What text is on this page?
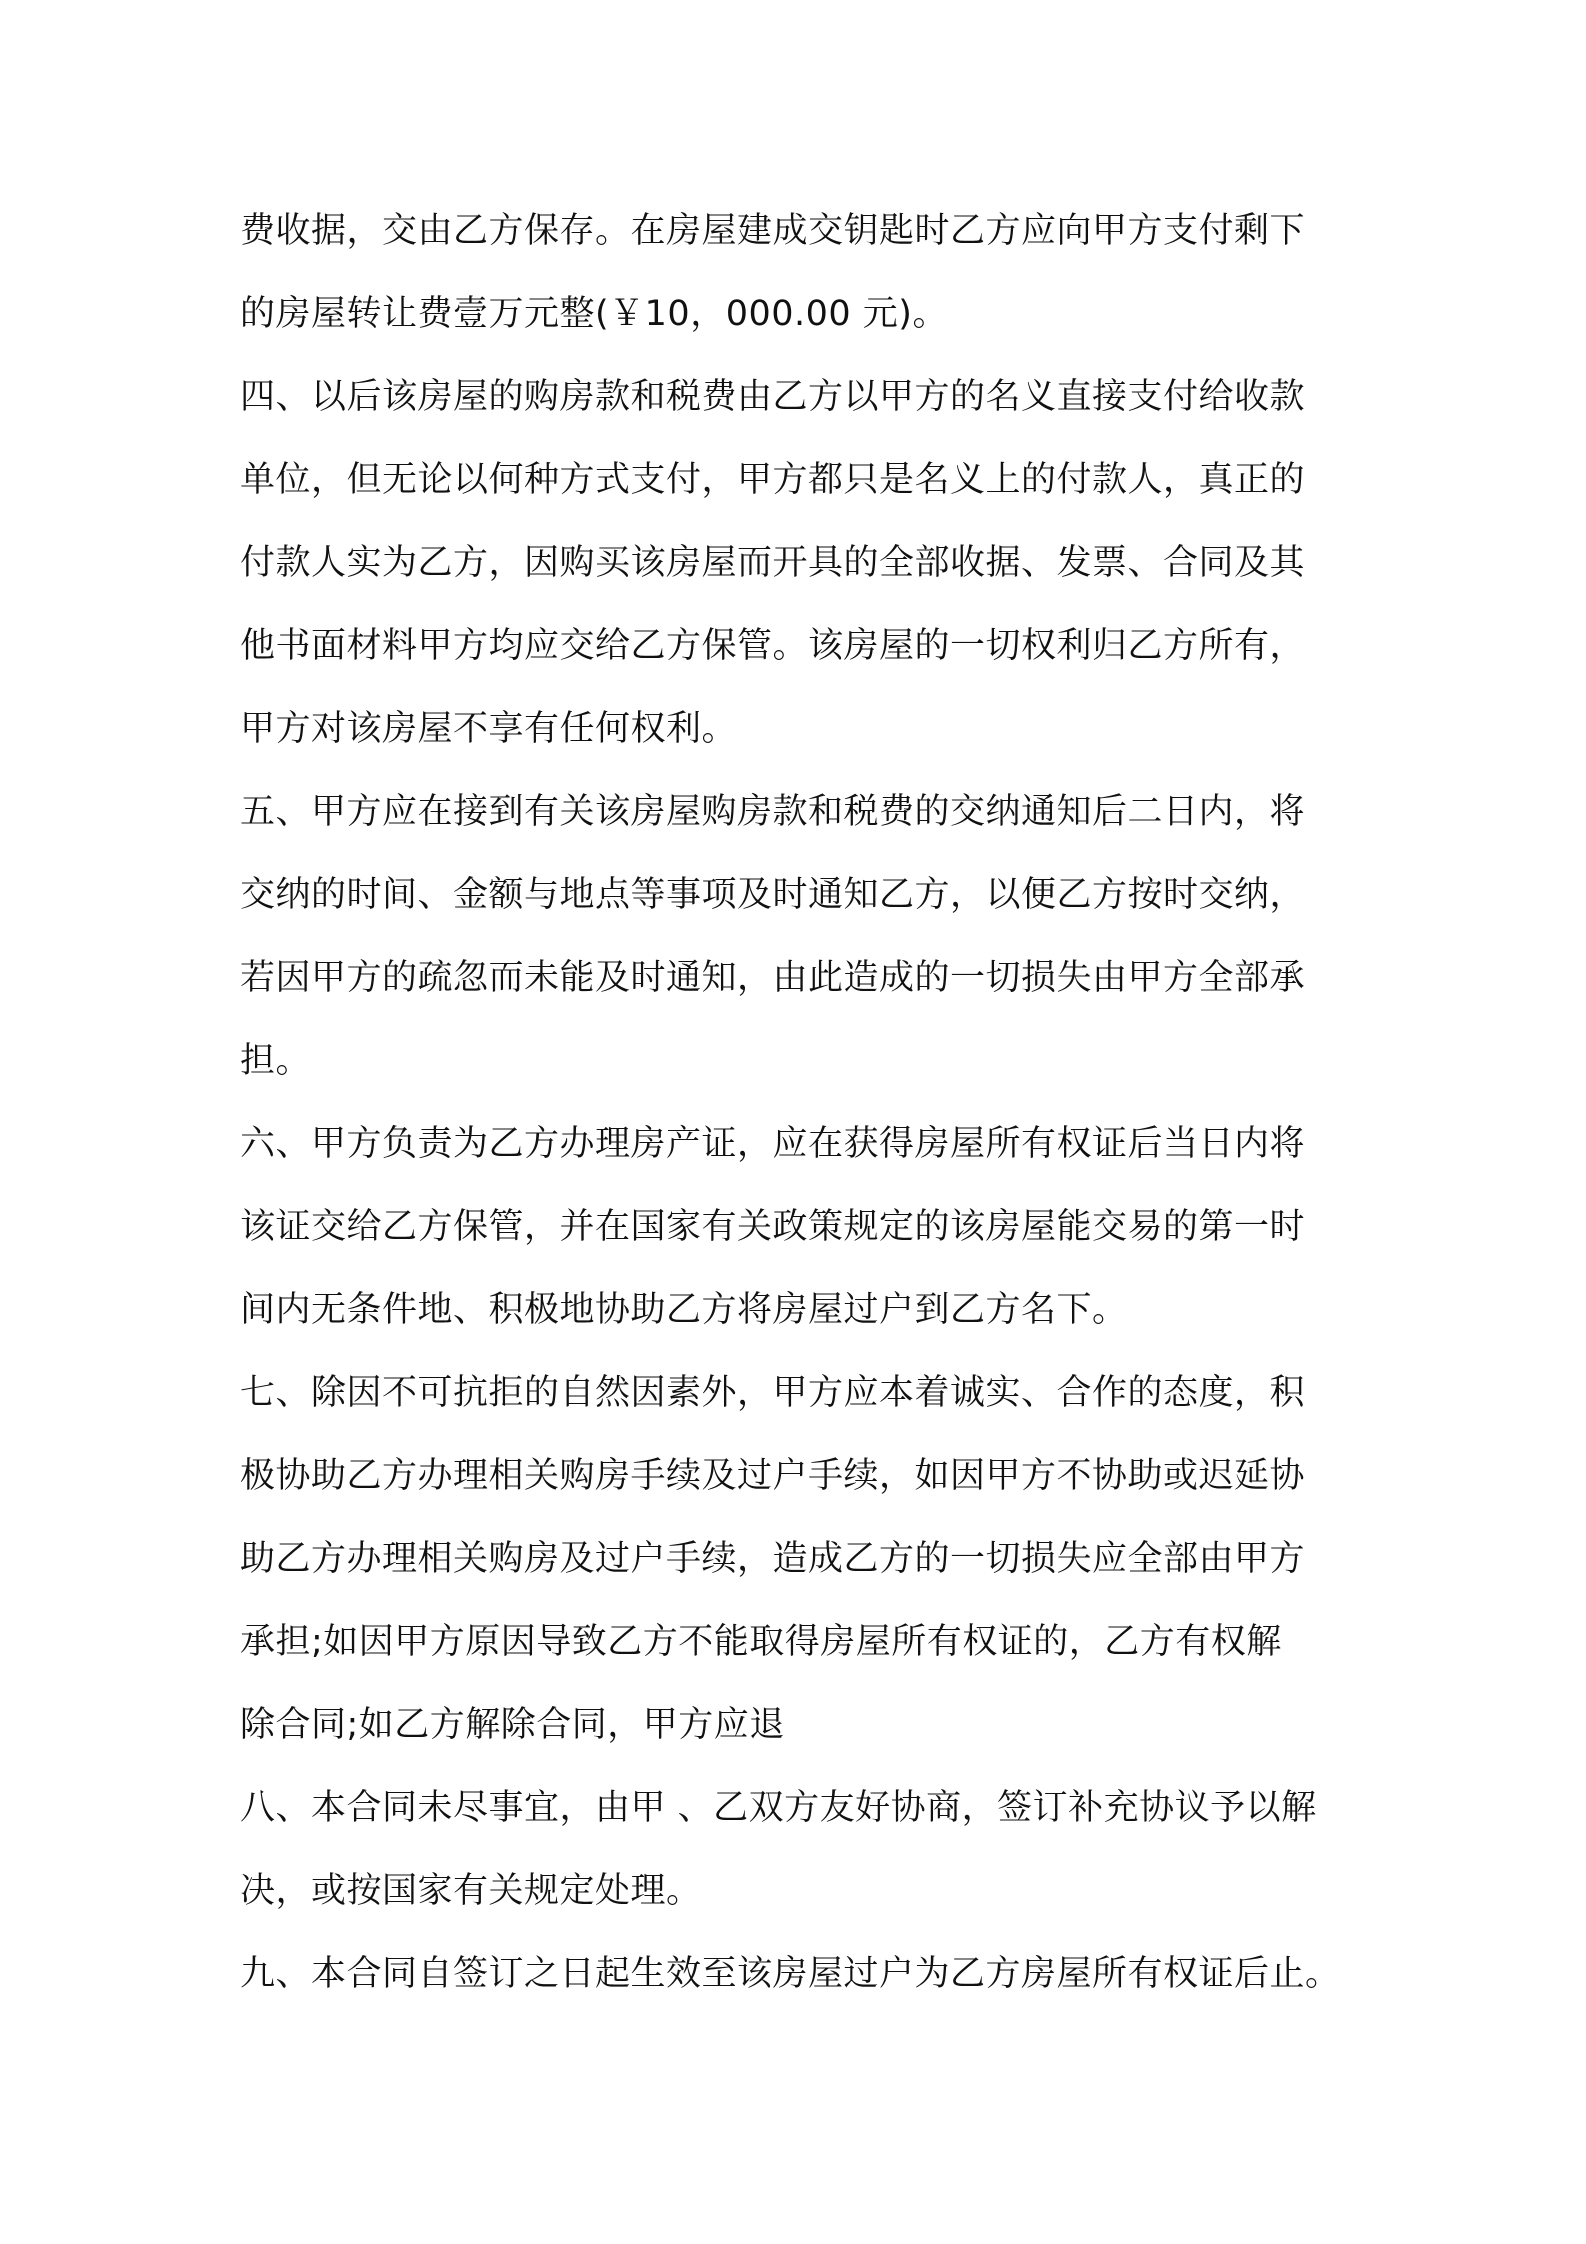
费收据，交由乙方保存。在房屋建成交钥匙时乙方应向甲方支付剩下
的房屋转让费壹万元整(￥10，000.00 元)。
四、以后该房屋的购房款和税费由乙方以甲方的名义直接支付给收款
单位，但无论以何种方式支付，甲方都只是名义上的付款人，真正的
付款人实为乙方，因购买该房屋而开具的全部收据、发票、合同及其
他书面材料甲方均应交给乙方保管。该房屋的一切权利归乙方所有，
甲方对该房屋不享有任何权利。
五、甲方应在接到有关该房屋购房款和税费的交纳通知后二日内，将
交纳的时间、金额与地点等事项及时通知乙方，以便乙方按时交纳，
若因甲方的疏忽而未能及时通知，由此造成的一切损失由甲方全部承
担。
六、甲方负责为乙方办理房产证，应在获得房屋所有权证后当日内将
该证交给乙方保管，并在国家有关政策规定的该房屋能交易的第一时
间内无条件地、积极地协助乙方将房屋过户到乙方名下。
七、除因不可抗拒的自然因素外，甲方应本着诚实、合作的态度，积
极协助乙方办理相关购房手续及过户手续，如因甲方不协助或迟延协
助乙方办理相关购房及过户手续，造成乙方的一切损失应全部由甲方
承担;如因甲方原因导致乙方不能取得房屋所有权证的，乙方有权解
除合同;如乙方解除合同，甲方应退
八、本合同未尽事宜，由甲 、乙双方友好协商，签订补充协议予以解
决，或按国家有关规定处理。
九、本合同自签订之日起生效至该房屋过户为乙方房屋所有权证后止。
